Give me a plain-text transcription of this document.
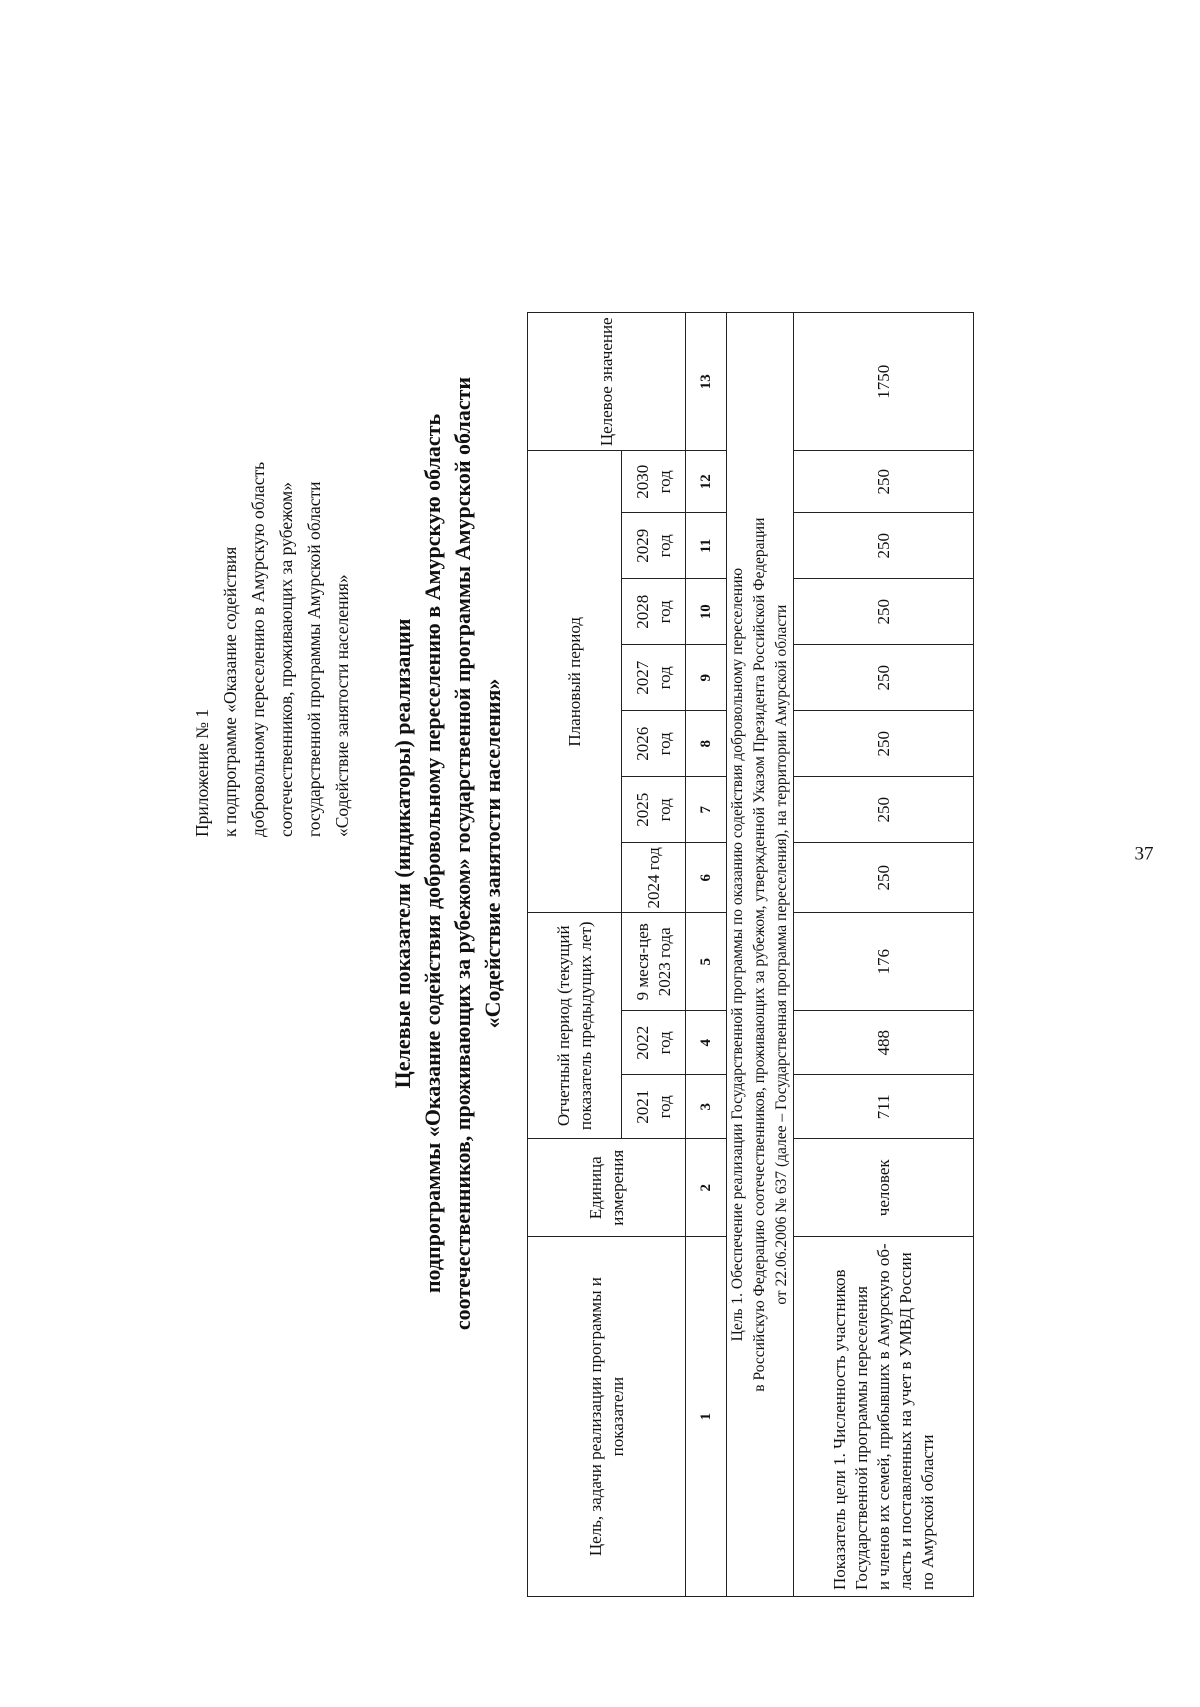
37
Приложение № 1 к подпрограмме «Оказание содействия добровольному переселению в Амурскую область соотечественников, проживающих за рубежом» государственной программы Амурской области «Содействие занятости населения» Целевые показатели (индикаторы) реализации подпрограммы «Оказание содействия добровольному переселению в Амурскую область соотечественников, проживающих за рубежом» государственной программы Амурской области «Содействие занятости населения»
Цель, задачи реализации программы и показатели	Единица измерения	Отчетный период (текущий показатель предыдущих лет)			Плановый период							Целевое значение
		2021 год	2022 год	9 меся-цев 2023 года	2024 год	2025 год	2026 год	2027 год	2028 год	2029 год	2030 год	
1	2	3	4	5	6	7	8	9	10	11	12	13

Цель 1. Обеспечение реализации Государственной программы по оказанию содействия добровольному переселению в Российскую Федерацию соотечественников, проживающих за рубежом, утвержденной Указом Президента Российской Федерации от 22.06.2006 № 637 (далее – Государственная программа переселения), на территории Амурской области												

Показатель цели 1. Численность участников Государственной программы переселения и членов их семей, прибывших в Амурскую об- ласть и поставленных на учет в УМВД России по Амурской области	человек	711	488	176	250	250	250	250	250	250	250	1750
